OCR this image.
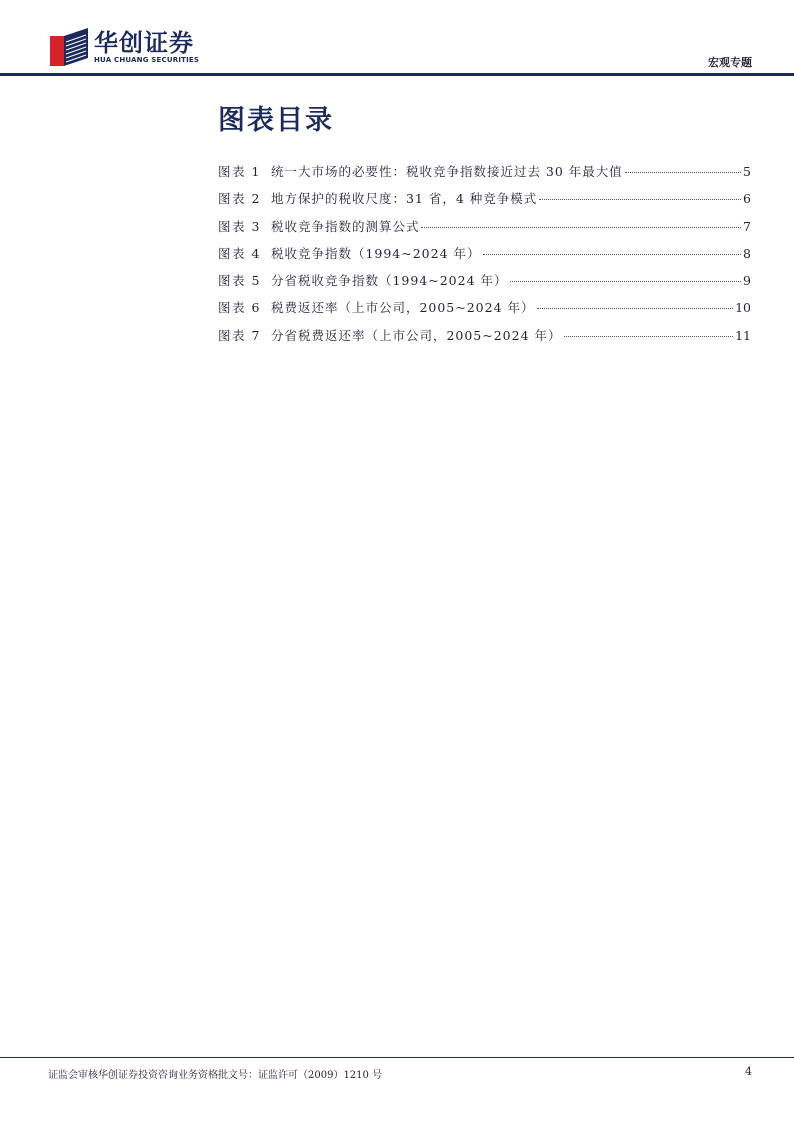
华创证券
HUA CHUANG SECURITIES	宏观专题
图表目录
图表 1 统一大市场的必要性：税收竞争指数接近过去 30 年最大值	5
图表 2 地方保护的税收尺度：31 省，4 种竞争模式	6
图表 3 税收竞争指数的测算公式	7
图表 4 税收竞争指数（1994~2024 年）	8
图表 5 分省税收竞争指数（1994~2024 年）	9
图表 6 税费返还率（上市公司，2005~2024 年）	10
图表 7 分省税费返还率（上市公司，2005~2024 年）	11
证监会审核华创证券投资咨询业务资格批文号：证监许可（2009）1210 号	4
